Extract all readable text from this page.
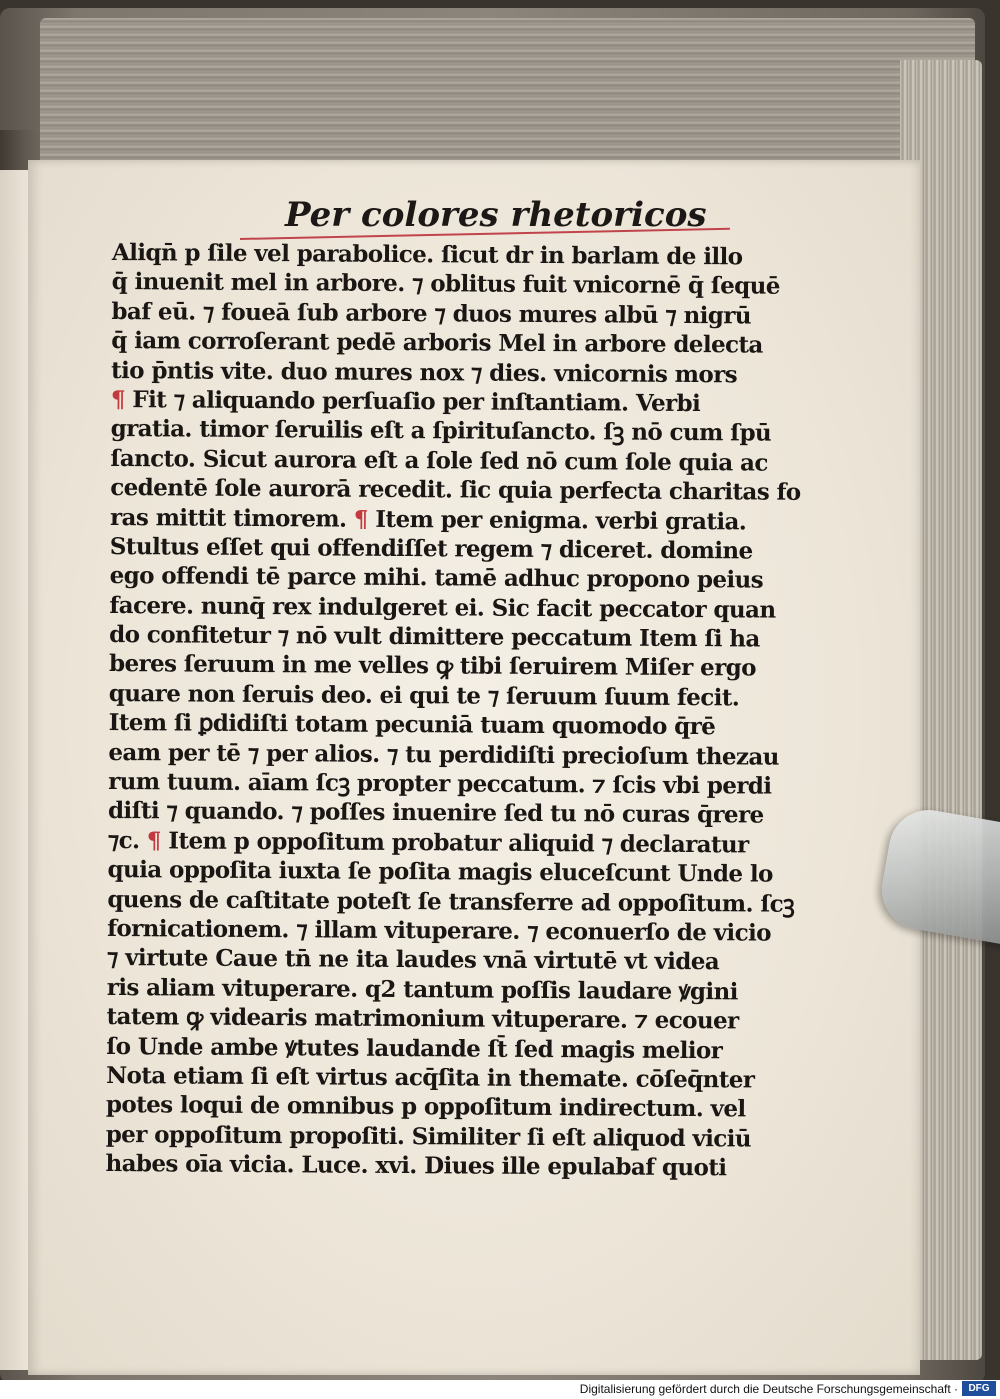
Per colores rhetoricos
Aliqn̄ p ſile vel parabolice. ſicut dr in barlam de illo
q̄ inuenit mel in arbore. ⁊ oblitus fuit vnicornē q̄ ſequē
baf eū. ⁊ foueā ſub arbore ⁊ duos mures albū ⁊ nigrū
q̄ iam corroſerant pedē arboris Mel in arbore delecta
tio p̄ntis vite. duo mures nox ⁊ dies. vnicornis mors
¶ Fit ⁊ aliquando perſuaſio per inſtantiam. Verbi
gratia. timor ſeruilis eſt a ſpirituſancto. ſꝫ nō cum ſpū
ſancto. Sicut aurora eſt a ſole ſed nō cum ſole quia ac
cedentē ſole aurorā recedit. ſic quia perfecta charitas fo
ras mittit timorem. ¶ Item per enigma. verbi gratia.
Stultus eſſet qui offendiſſet regem ⁊ diceret. domine
ego offendi tē parce mihi. tamē adhuc propono peius
facere. nunq̄ rex indulgeret ei. Sic facit peccator quan
do confitetur ⁊ nō vult dimittere peccatum Item ſi ha
beres ſeruum in me velles ꝙ tibi ſeruirem Miſer ergo
quare non ſeruis deo. ei qui te ⁊ ſeruum ſuum fecit.
Item ſi ꝑdidiſti totam pecuniā tuam quomodo q̄rē
eam per tē ⁊ per alios. ⁊ tu perdidiſti precioſum thezau
rum tuum. aīam ſcꝫ propter peccatum. ⁊ ſcis vbi perdi
diſti ⁊ quando. ⁊ poſſes inuenire ſed tu nō curas q̄rere
⁊c. ¶ Item p oppoſitum probatur aliquid ⁊ declaratur
quia oppoſita iuxta ſe poſita magis eluceſcunt Unde lo
quens de caſtitate poteſt ſe transferre ad oppoſitum. ſcꝫ
fornicationem. ⁊ illam vituperare. ⁊ econuerſo de vicio
⁊ virtute Caue tn̄ ne ita laudes vnā virtutē vt videa
ris aliam vituperare. q2 tantum poſſis laudare ꝟgini
tatem ꝙ videaris matrimonium vituperare. ⁊ ecouer
ſo Unde ambe ꝟtutes laudande ſt̄ ſed magis melior
Nota etiam ſi eſt virtus acq̄ſita in themate. cōſeq̄nter
potes loqui de omnibus p oppoſitum indirectum. vel
per oppoſitum propoſiti. Similiter ſi eſt aliquod viciū
habes oīa vicia. Luce. xvi. Diues ille epulabaf quoti
Digitalisierung gefördert durch die Deutsche Forschungsgemeinschaft ·	DFG
